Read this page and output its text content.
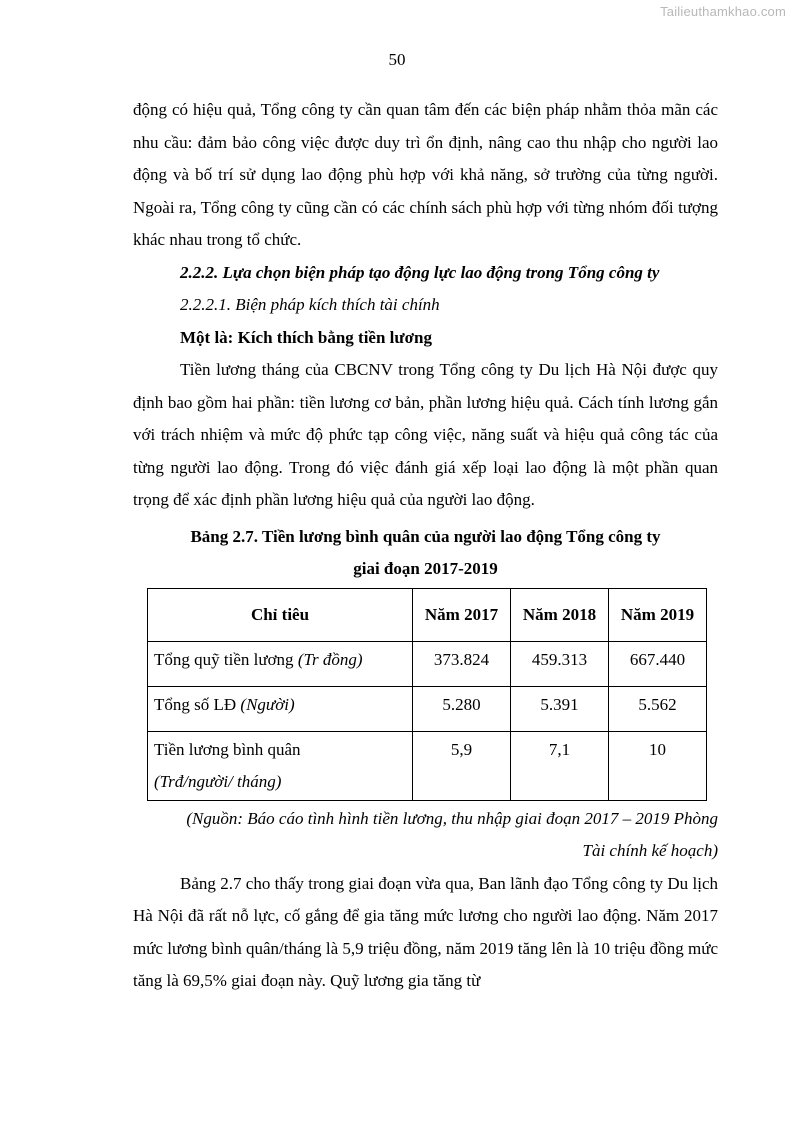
Tailieuthamkhao.com
50

động có hiệu quả, Tổng công ty cần quan tâm đến các biện pháp nhằm thỏa mãn các nhu cầu: đảm bảo công việc được duy trì ổn định, nâng cao thu nhập cho người lao động và bố trí sử dụng lao động phù hợp với khả năng, sở trường của từng người. Ngoài ra, Tổng công ty cũng cần có các chính sách phù hợp với từng nhóm đối tượng khác nhau trong tổ chức.

2.2.2. Lựa chọn biện pháp tạo động lực lao động trong Tổng công ty

2.2.2.1. Biện pháp kích thích tài chính

Một là: Kích thích bằng tiền lương

Tiền lương tháng của CBCNV trong Tổng công ty Du lịch Hà Nội được quy định bao gồm hai phần: tiền lương cơ bản, phần lương hiệu quả. Cách tính lương gắn với trách nhiệm và mức độ phức tạp công việc, năng suất và hiệu quả công tác của từng người lao động. Trong đó việc đánh giá xếp loại lao động là một phần quan trọng để xác định phần lương hiệu quả của người lao động.

Bảng 2.7. Tiền lương bình quân của người lao động Tổng công ty
giai đoạn 2017-2019
Chỉ tiêu	Năm 2017	Năm 2018	Năm 2019
Tổng quỹ tiền lương (Tr đồng)	373.824	459.313	667.440
Tổng số LĐ (Người)	5.280	5.391	5.562

Tiền lương bình quân
(Trđ/người/ tháng)	5,9	7,1	10
(Nguồn: Báo cáo tình hình tiền lương, thu nhập giai đoạn 2017 – 2019 Phòng
Tài chính kế hoạch)

Bảng 2.7 cho thấy trong giai đoạn vừa qua, Ban lãnh đạo Tổng công ty Du lịch Hà Nội đã rất nỗ lực, cố gắng để gia tăng mức lương cho người lao động. Năm 2017 mức lương bình quân/tháng là 5,9 triệu đồng, năm 2019 tăng lên là 10 triệu đồng mức tăng là 69,5% giai đoạn này. Quỹ lương gia tăng từ
